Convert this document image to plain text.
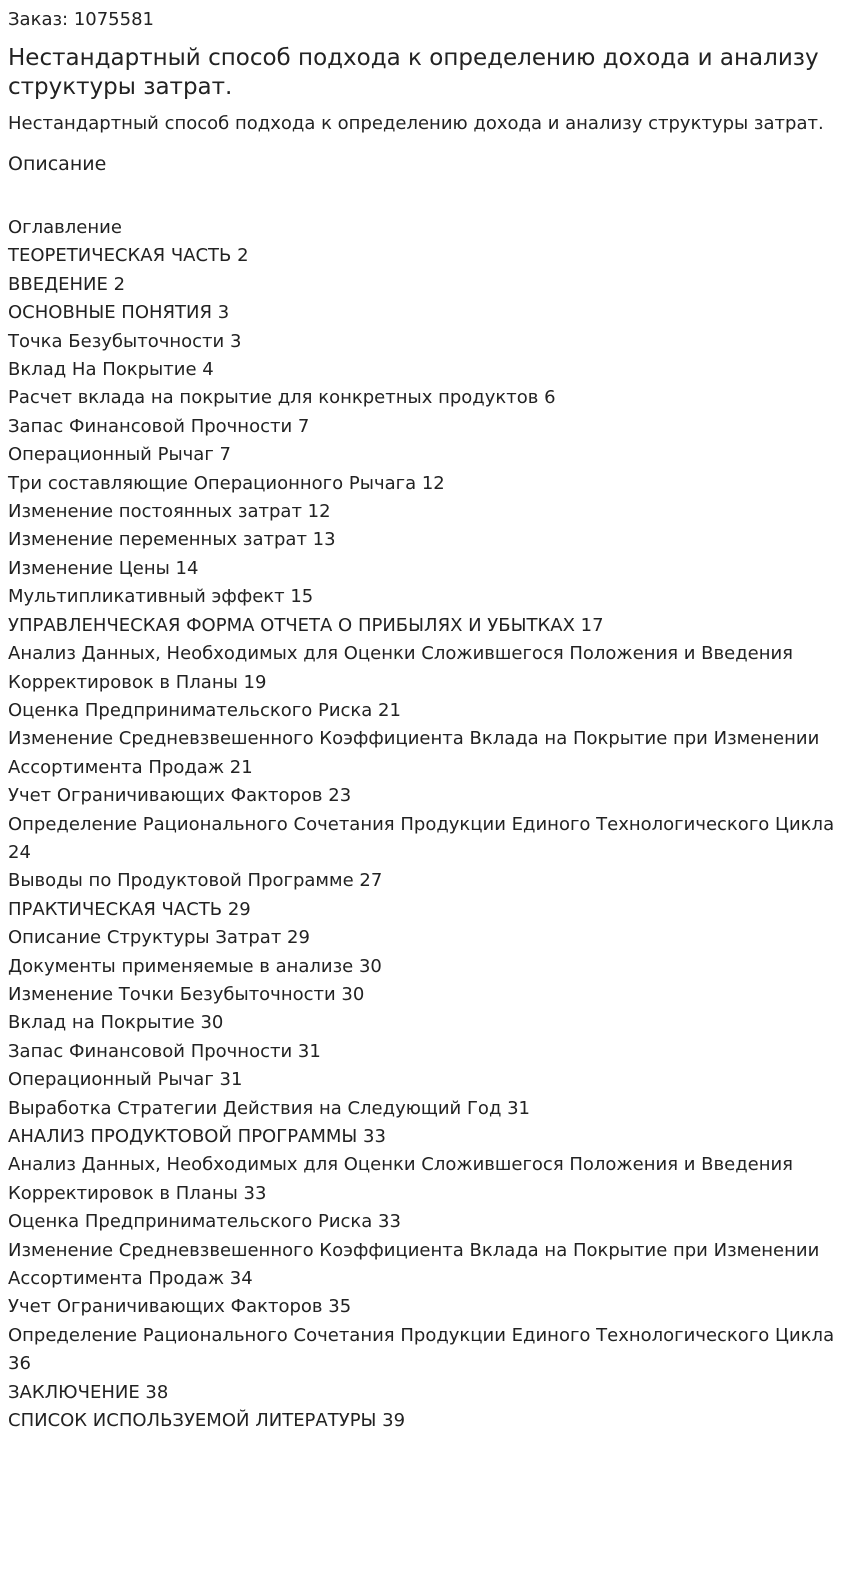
Заказ: 1075581
Нестандартный способ подхода к определению дохода и анализу структуры затрат.
Нестандартный способ подхода к определению дохода и анализу структуры затрат.
Описание
Оглавление
ТЕОРЕТИЧЕСКАЯ ЧАСТЬ 2
ВВЕДЕНИЕ 2
ОСНОВНЫЕ ПОНЯТИЯ 3
Точка Безубыточности 3
Вклад На Покрытие 4
Расчет вклада на покрытие для конкретных продуктов 6
Запас Финансовой Прочности 7
Операционный Рычаг 7
Три составляющие Операционного Рычага 12
Изменение постоянных затрат 12
Изменение переменных затрат 13
Изменение Цены 14
Мультипликативный эффект 15
УПРАВЛЕНЧЕСКАЯ ФОРМА ОТЧЕТА О ПРИБЫЛЯХ И УБЫТКАХ 17
Анализ Данных, Необходимых для Оценки Сложившегося Положения и Введения Корректировок в Планы 19
Оценка Предпринимательского Риска 21
Изменение Средневзвешенного Коэффициента Вклада на Покрытие при Изменении Ассортимента Продаж 21
Учет Ограничивающих Факторов 23
Определение Рационального Сочетания Продукции Единого Технологического Цикла 24
Выводы по Продуктовой Программе 27
ПРАКТИЧЕСКАЯ ЧАСТЬ 29
Описание Структуры Затрат 29
Документы применяемые в анализе 30
Изменение Точки Безубыточности 30
Вклад на Покрытие 30
Запас Финансовой Прочности 31
Операционный Рычаг 31
Выработка Стратегии Действия на Следующий Год 31
АНАЛИЗ ПРОДУКТОВОЙ ПРОГРАММЫ 33
Анализ Данных, Необходимых для Оценки Сложившегося Положения и Введения Корректировок в Планы 33
Оценка Предпринимательского Риска 33
Изменение Средневзвешенного Коэффициента Вклада на Покрытие при Изменении Ассортимента Продаж 34
Учет Ограничивающих Факторов 35
Определение Рационального Сочетания Продукции Единого Технологического Цикла 36
ЗАКЛЮЧЕНИЕ 38
СПИСОК ИСПОЛЬЗУЕМОЙ ЛИТЕРАТУРЫ 39
